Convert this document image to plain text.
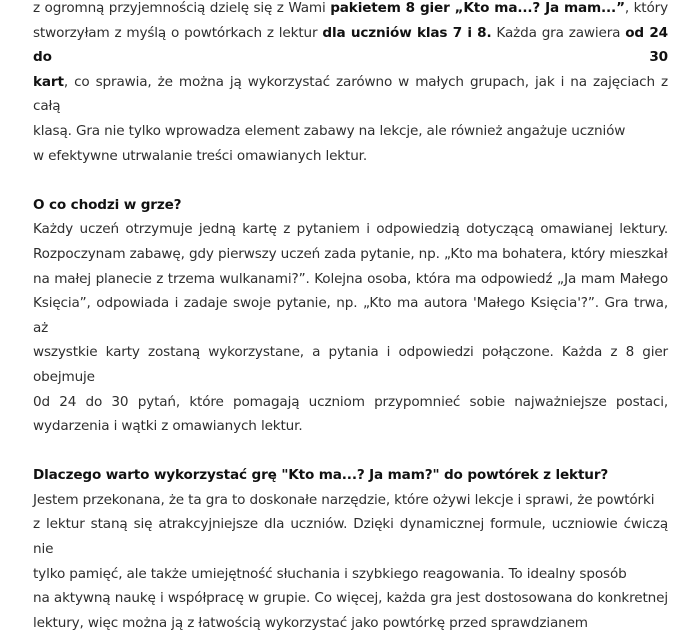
z ogromną przyjemnością dzielę się z Wami pakietem 8 gier „Kto ma...? Ja mam...”, który
stworzyłam z myślą o powtórkach z lektur dla uczniów klas 7 i 8. Każda gra zawiera od 24 do 30
kart, co sprawia, że można ją wykorzystać zarówno w małych grupach, jak i na zajęciach z całą
klasą. Gra nie tylko wprowadza element zabawy na lekcje, ale również angażuje uczniów
w efektywne utrwalanie treści omawianych lektur.

O co chodzi w grze?

Każdy uczeń otrzymuje jedną kartę z pytaniem i odpowiedzią dotyczącą omawianej lektury.
Rozpoczynam zabawę, gdy pierwszy uczeń zada pytanie, np. „Kto ma bohatera, który mieszkał
na małej planecie z trzema wulkanami?”. Kolejna osoba, która ma odpowiedź „Ja mam Małego
Księcia”, odpowiada i zadaje swoje pytanie, np. „Kto ma autora 'Małego Księcia'?”. Gra trwa, aż
wszystkie karty zostaną wykorzystane, a pytania i odpowiedzi połączone. Każda z 8 gier obejmuje
0d 24 do 30 pytań, które pomagają uczniom przypomnieć sobie najważniejsze postaci,
wydarzenia i wątki z omawianych lektur.

Dlaczego warto wykorzystać grę "Kto ma...? Ja mam?" do powtórek z lektur?

Jestem przekonana, że ta gra to doskonałe narzędzie, które ożywi lekcje i sprawi, że powtórki
z lektur staną się atrakcyjniejsze dla uczniów. Dzięki dynamicznej formule, uczniowie ćwiczą nie
tylko pamięć, ale także umiejętność słuchania i szybkiego reagowania. To idealny sposób
na aktywną naukę i współpracę w grupie. Co więcej, każda gra jest dostosowana do konkretnej
lektury, więc można ją z łatwością wykorzystać jako powtórkę przed sprawdzianem
